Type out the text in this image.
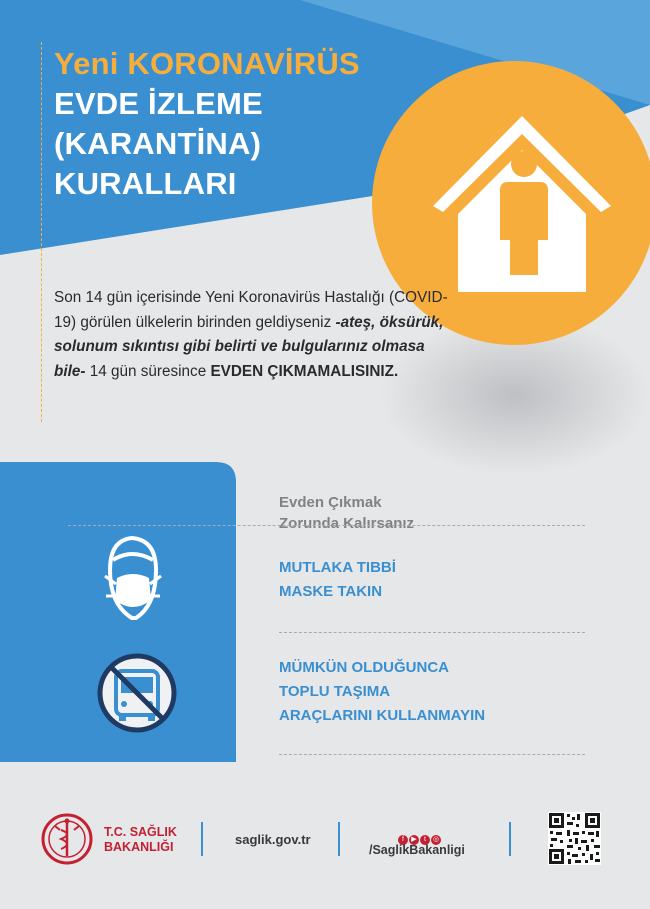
Yeni KORONAVİRÜS
EVDE İZLEME
(KARANTİNA)
KURALLARI
Son 14 gün içerisinde Yeni Koronavirüs Hastalığı (COVID-19) görülen ülkelerin birinden geldiyseniz -ateş, öksürük, solunum sıkıntısı gibi belirti ve bulgularınız olmasa bile- 14 gün süresince EVDEN ÇIKMAMALISINIZ.
Evden Çıkmak
Zorunda Kalırsanız
MUTLAKA TIBBİ
MASKE TAKIN
MÜMKÜN OLDUĞUNCA
TOPLU TAŞIMA
ARAÇLARINI KULLANMAYIN
T.C. SAĞLIK
BAKANLIĞI	saglik.gov.tr	f ▶ t ◎
/SaglikBakanligi
